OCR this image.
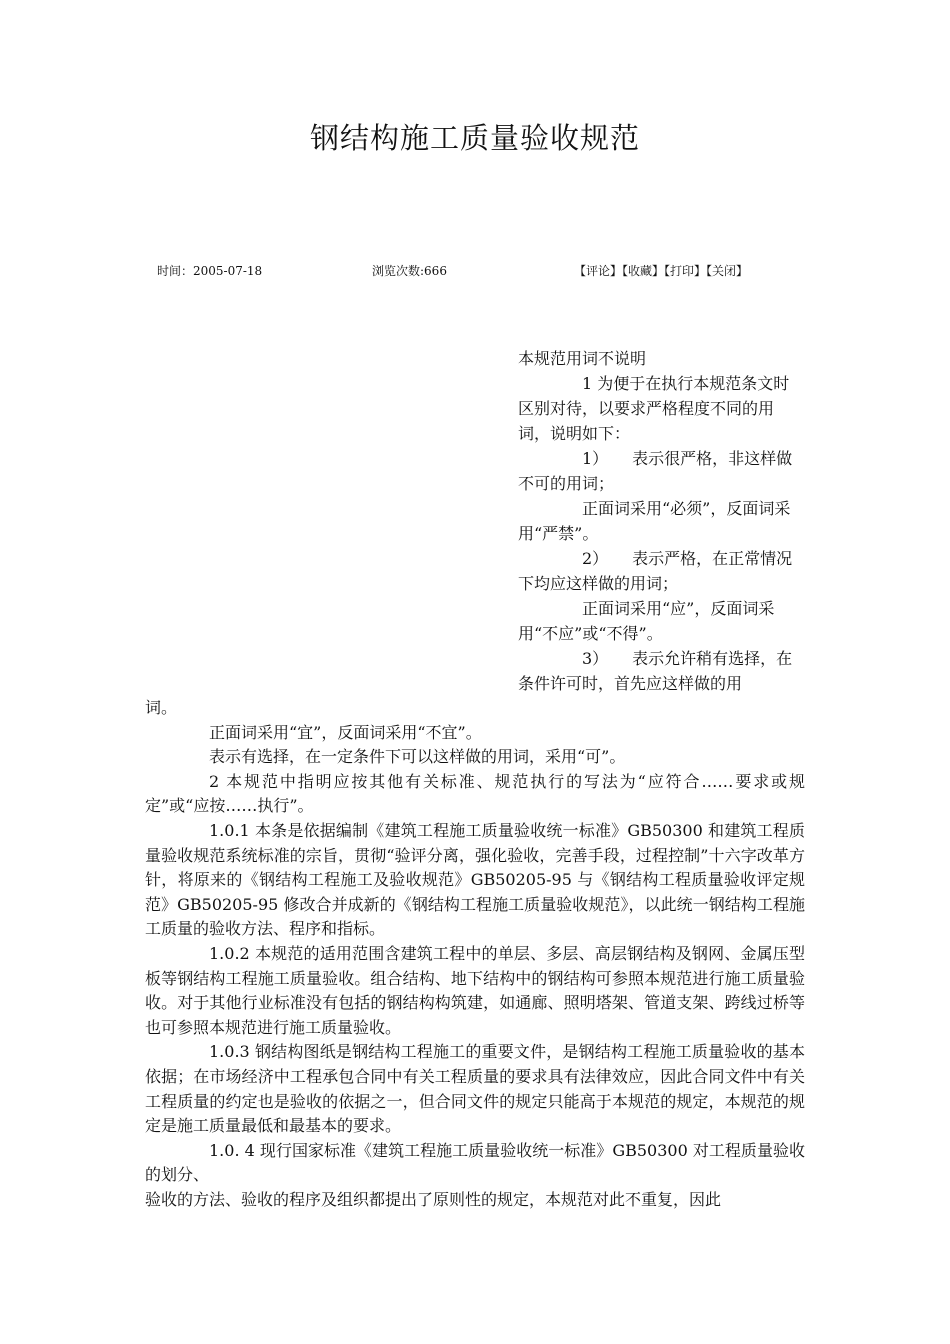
钢结构施工质量验收规范
时间：2005-07-18	浏览次数:666	【评论】【收藏】【打印】【关闭】

本规范用词不说明

1 为便于在执行本规范条文时区别对待，以要求严格程度不同的用词，说明如下：

1）　　表示很严格，非这样做不可的用词；

正面词采用“必须”，反面词采用“严禁”。

2）　　表示严格，在正常情况下均应这样做的用词；

正面词采用“应”，反面词采用“不应”或“不得”。

3）　　表示允许稍有选择，在条件许可时，首先应这样做的用

词。

正面词采用“宜”，反面词采用“不宜”。

表示有选择，在一定条件下可以这样做的用词，采用“可”。

2 本规范中指明应按其他有关标准、规范执行的写法为“应符合……要求或规定”或“应按……执行”。

1.0.1 本条是依据编制《建筑工程施工质量验收统一标准》GB50300 和建筑工程质量验收规范系统标准的宗旨，贯彻“验评分离，强化验收，完善手段，过程控制”十六字改革方针，将原来的《钢结构工程施工及验收规范》GB50205-95 与《钢结构工程质量验收评定规范》GB50205-95 修改合并成新的《钢结构工程施工质量验收规范》，以此统一钢结构工程施工质量的验收方法、程序和指标。

1.0.2 本规范的适用范围含建筑工程中的单层、多层、高层钢结构及钢网、金属压型板等钢结构工程施工质量验收。组合结构、地下结构中的钢结构可参照本规范进行施工质量验收。对于其他行业标准没有包括的钢结构构筑建，如通廊、照明塔架、管道支架、跨线过桥等也可参照本规范进行施工质量验收。

1.0.3 钢结构图纸是钢结构工程施工的重要文件，是钢结构工程施工质量验收的基本依据；在市场经济中工程承包合同中有关工程质量的要求具有法律效应，因此合同文件中有关工程质量的约定也是验收的依据之一，但合同文件的规定只能高于本规范的规定，本规范的规定是施工质量最低和最基本的要求。

1.0. 4 现行国家标准《建筑工程施工质量验收统一标准》GB50300 对工程质量验收的划分、

验收的方法、验收的程序及组织都提出了原则性的规定，本规范对此不重复，因此
